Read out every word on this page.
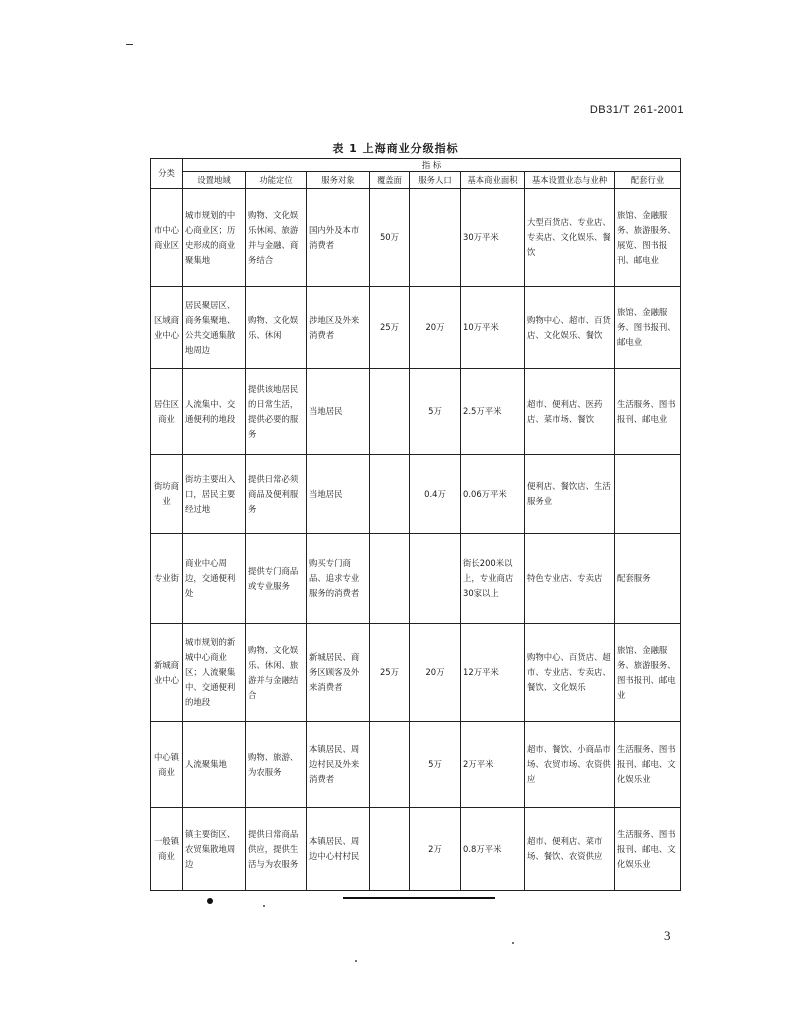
DB31/T 261-2001
表 1 上海商业分级指标
分类	指 标							
	设置地域	功能定位	服务对象	覆盖面	服务人口	基本商业面积	基本设置业态与业种	配套行业
市中心商业区	城市规划的中心商业区；历史形成的商业聚集地	购物、文化娱乐休闲、旅游并与金融、商务结合	国内外及本市消费者	50万		30万平米	大型百货店、专业店、专卖店、文化娱乐、餐饮	旅馆、金融服务、旅游服务、展览、图书报刊、邮电业
区域商业中心	居民聚居区、商务集聚地、公共交通集散地周边	购物、文化娱乐、休闲	涉地区及外来消费者	25万	20万	10万平米	购物中心、超市、百货店、文化娱乐、餐饮	旅馆、金融服务、图书报刊、邮电业
居住区商业	人流集中、交通便利的地段	提供该地居民的日常生活，提供必要的服务	当地居民		5万	2.5万平米	超市、便利店、医药店、菜市场、餐饮	生活服务、图书报刊、邮电业
街坊商业	街坊主要出入口，居民主要经过地	提供日常必须商品及便利服务	当地居民		0.4万	0.06万平米	便利店、餐饮店、生活服务业	
专业街	商业中心周边，交通便利处	提供专门商品或专业服务	购买专门商品、追求专业服务的消费者			街长200米以上，专业商店30家以上	特色专业店、专卖店	配套服务
新城商业中心	城市规划的新城中心商业区；人流聚集中、交通便利的地段	购物、文化娱乐、休闲、旅游并与金融结合	新城居民、商务区顾客及外来消费者	25万	20万	12万平米	购物中心、百货店、超市、专业店、专卖店、餐饮、文化娱乐	旅馆、金融服务、旅游服务、图书报刊、邮电业
中心镇商业	人流聚集地	购物、旅游、为农服务	本镇居民、周边村民及外来消费者		5万	2万平米	超市、餐饮、小商品市场、农贸市场、农资供应	生活服务、图书报刊、邮电、文化娱乐业
一般镇商业	镇主要街区、农贸集散地周边	提供日常商品供应，提供生活与为农服务	本镇居民、周边中心村村民		2万	0.8万平米	超市、便利店、菜市场、餐饮、农资供应	生活服务、图书报刊、邮电、文化娱乐业
3
